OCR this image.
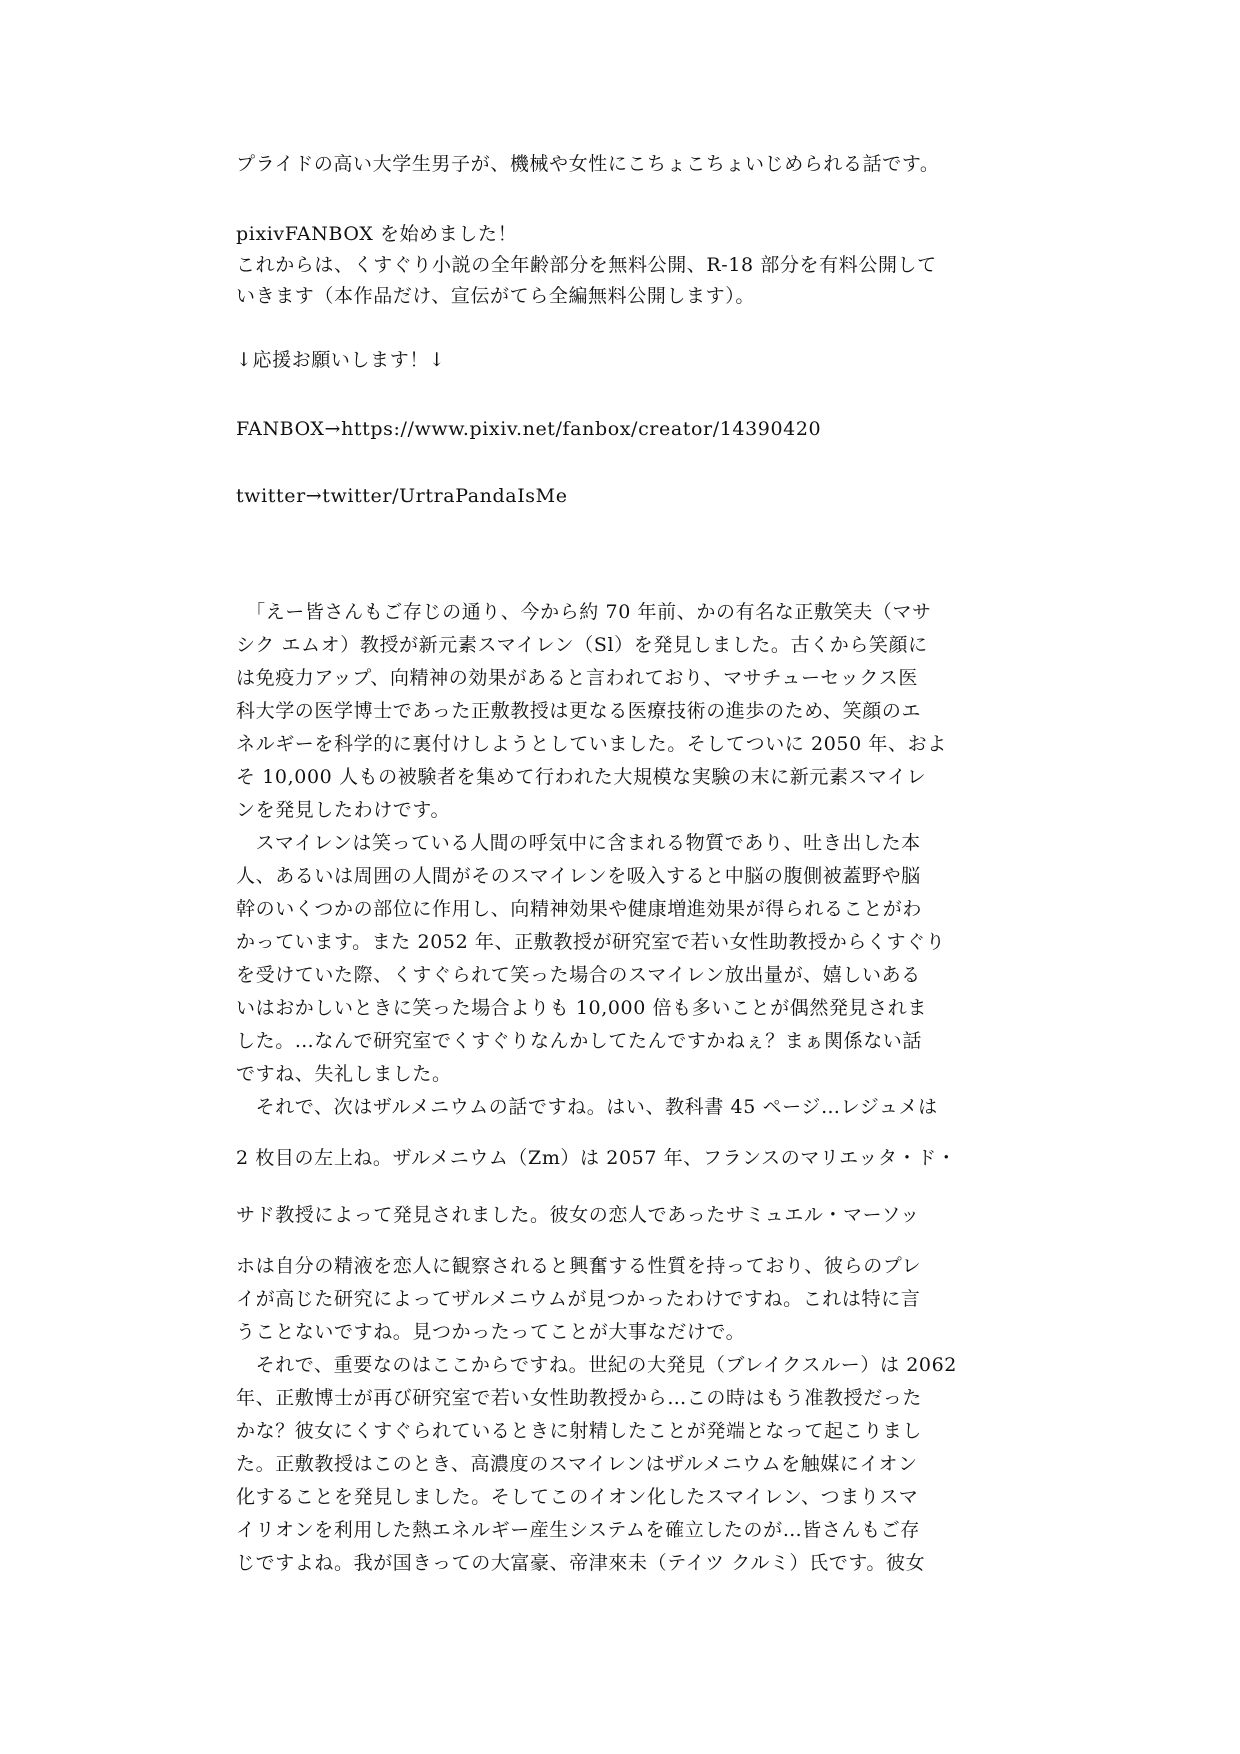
プライドの高い大学生男子が、機械や女性にこちょこちょいじめられる話です。

pixivFANBOX を始めました！
これからは、くすぐり小説の全年齢部分を無料公開、R-18 部分を有料公開して
いきます（本作品だけ、宣伝がてら全編無料公開します）。

↓応援お願いします！↓

FANBOX→https://www.pixiv.net/fanbox/creator/14390420

twitter→twitter/UrtraPandaIsMe

　「えー皆さんもご存じの通り、今から約 70 年前、かの有名な正敷笑夫（マサ

シク エムオ）教授が新元素スマイレン（Sl）を発見しました。古くから笑顔に

は免疫力アップ、向精神の効果があると言われており、マサチューセックス医

科大学の医学博士であった正敷教授は更なる医療技術の進歩のため、笑顔のエ

ネルギーを科学的に裏付けしようとしていました。そしてついに 2050 年、およ

そ 10,000 人もの被験者を集めて行われた大規模な実験の末に新元素スマイレ

ンを発見したわけです。

　スマイレンは笑っている人間の呼気中に含まれる物質であり、吐き出した本

人、あるいは周囲の人間がそのスマイレンを吸入すると中脳の腹側被蓋野や脳

幹のいくつかの部位に作用し、向精神効果や健康増進効果が得られることがわ

かっています。また 2052 年、正敷教授が研究室で若い女性助教授からくすぐり

を受けていた際、くすぐられて笑った場合のスマイレン放出量が、嬉しいある

いはおかしいときに笑った場合よりも 10,000 倍も多いことが偶然発見されま

した。…なんで研究室でくすぐりなんかしてたんですかねぇ？まぁ関係ない話

ですね、失礼しました。

　それで、次はザルメニウムの話ですね。はい、教科書 45 ページ…レジュメは

2 枚目の左上ね。ザルメニウム（Zm）は 2057 年、フランスのマリエッタ・ド・

サド教授によって発見されました。彼女の恋人であったサミュエル・マーソッ

ホは自分の精液を恋人に観察されると興奮する性質を持っており、彼らのプレ

イが高じた研究によってザルメニウムが見つかったわけですね。これは特に言

うことないですね。見つかったってことが大事なだけで。

　それで、重要なのはここからですね。世紀の大発見（ブレイクスルー）は 2062

年、正敷博士が再び研究室で若い女性助教授から…この時はもう准教授だった

かな？彼女にくすぐられているときに射精したことが発端となって起こりまし

た。正敷教授はこのとき、高濃度のスマイレンはザルメニウムを触媒にイオン

化することを発見しました。そしてこのイオン化したスマイレン、つまりスマ

イリオンを利用した熱エネルギー産生システムを確立したのが…皆さんもご存

じですよね。我が国きっての大富豪、帝津來未（テイツ クルミ）氏です。彼女
